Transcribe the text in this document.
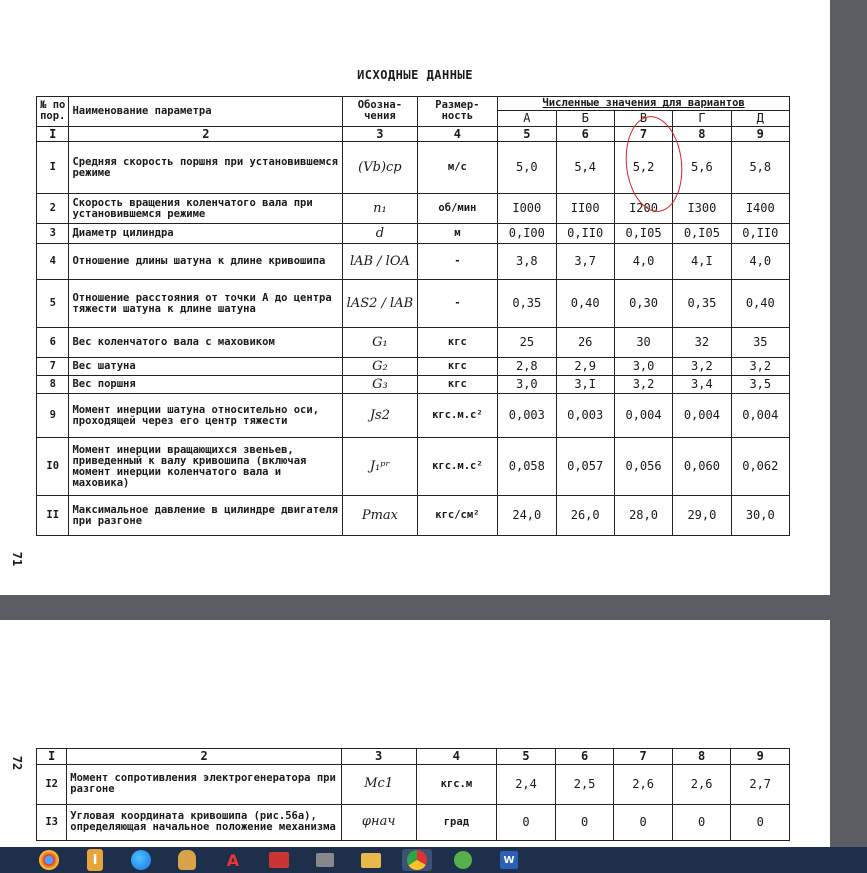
ИСХОДНЫЕ ДАННЫЕ
71
№ по пор.	Наименование параметра	Обозна- чения	Размер- ность	Численные значения для вариантов				
				А	Б	В	Г	Д
I	2	3	4	5	6	7	8	9
I	Средняя скорость поршня при установившемся режиме	(Vb)ср	м/с	5,0	5,4	5,2	5,6	5,8
2	Скорость вращения коленчатого вала при установившемся режиме	n₁	об/мин	I000	II00	I200	I300	I400
3	Диаметр цилиндра	d	м	0,I00	0,II0	0,I05	0,I05	0,II0
4	Отношение длины шатуна к длине кривошипа	lAB / lOA	-	3,8	3,7	4,0	4,I	4,0
5	Отношение расстояния от точки А до центра тяжести шатуна к длине шатуна	lAS2 / lAB	-	0,35	0,40	0,30	0,35	0,40
6	Вес коленчатого вала с маховиком	G₁	кгс	25	26	30	32	35
7	Вес шатуна	G₂	кгс	2,8	2,9	3,0	3,2	3,2
8	Вес поршня	G₃	кгс	3,0	3,I	3,2	3,4	3,5
9	Момент инерции шатуна относительно оси, проходящей через его центр тяжести	Js2	кгс.м.с²	0,003	0,003	0,004	0,004	0,004
I0	Момент инерции вращающихся звеньев, приведенный к валу кривошипа (включая момент инерции коленчатого вала и маховика)	J₁ᵖʳ	кгс.м.с²	0,058	0,057	0,056	0,060	0,062
II	Максимальное давление в цилиндре двигателя при разгоне	Pmax	кгс/см²	24,0	26,0	28,0	29,0	30,0
72 I	2	3	4	5	6	7	8	9
I2	Момент сопротивления электрогенератора при разгоне	Mc1	кгс.м	2,4	2,5	2,6	2,6	2,7
I3	Угловая координата кривошипа (рис.56а), определяющая начальное положение механизма	φнач	град	0	0	0	0	0
I	A	W
